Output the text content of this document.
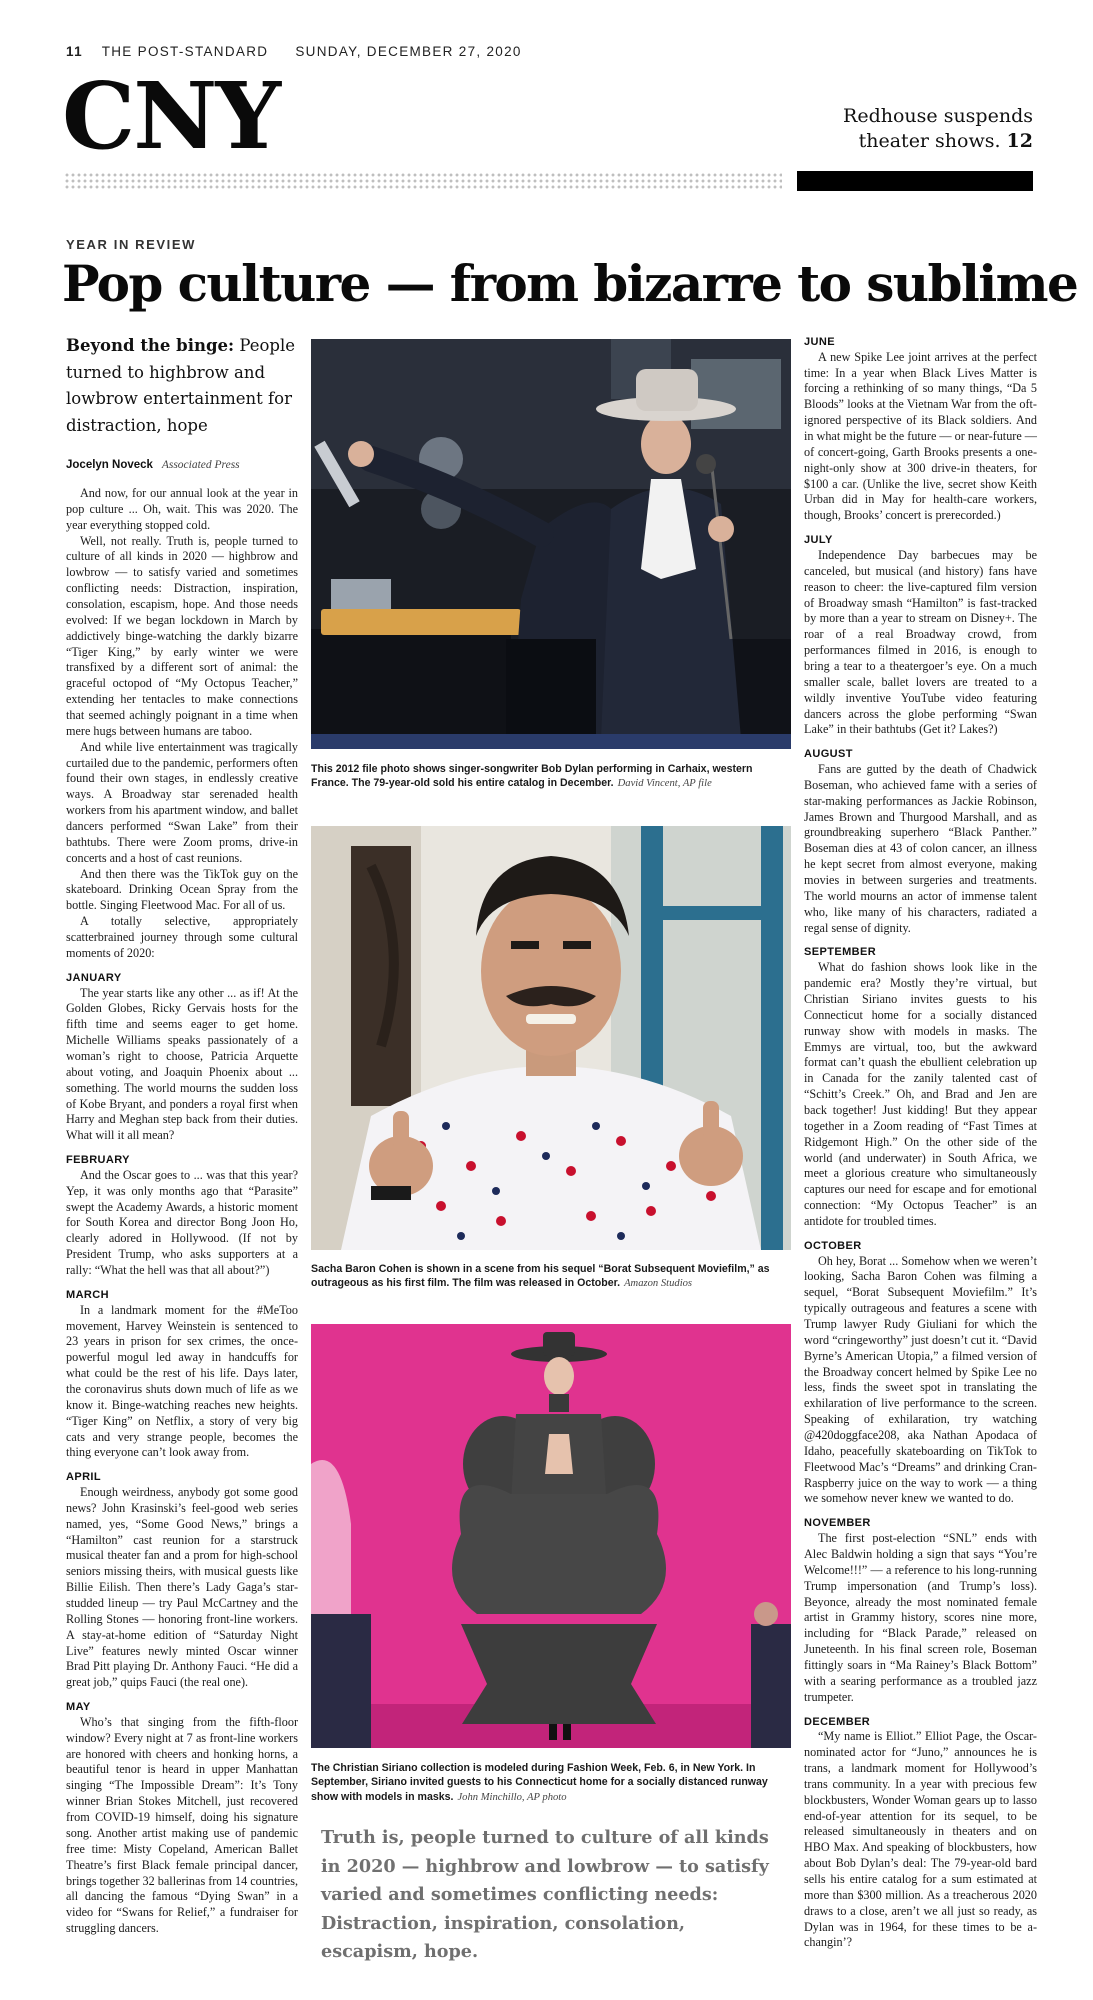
11 THE POST-STANDARD SUNDAY, DECEMBER 27, 2020
CNY	Redhouse suspends theater shows. 12
YEAR IN REVIEW
Pop culture — from bizarre to sublime
Beyond the binge: People turned to highbrow and lowbrow entertainment for distraction, hope
Jocelyn Noveck Associated Press

And now, for our annual look at the year in pop culture ... Oh, wait. This was 2020. The year everything stopped cold.

Well, not really. Truth is, people turned to culture of all kinds in 2020 — highbrow and lowbrow — to satisfy varied and sometimes conflicting needs: Distraction, inspiration, consolation, escapism, hope. And those needs evolved: If we began lockdown in March by addictively binge-watching the darkly bizarre “Tiger King,” by early winter we were transfixed by a different sort of animal: the graceful octopod of “My Octopus Teacher,” extending her tentacles to make connections that seemed achingly poignant in a time when mere hugs between humans are taboo.

And while live entertainment was tragically curtailed due to the pandemic, performers often found their own stages, in endlessly creative ways. A Broadway star serenaded health workers from his apartment window, and ballet dancers performed “Swan Lake” from their bathtubs. There were Zoom proms, drive-in concerts and a host of cast reunions.

And then there was the TikTok guy on the skateboard. Drinking Ocean Spray from the bottle. Singing Fleetwood Mac. For all of us.

A totally selective, appropriately scatterbrained journey through some cultural moments of 2020:

JANUARY

The year starts like any other ... as if! At the Golden Globes, Ricky Gervais hosts for the fifth time and seems eager to get home. Michelle Williams speaks passionately of a woman’s right to choose, Patricia Arquette about voting, and Joaquin Phoenix about ... something. The world mourns the sudden loss of Kobe Bryant, and ponders a royal first when Harry and Meghan step back from their duties. What will it all mean?

FEBRUARY

And the Oscar goes to ... was that this year? Yep, it was only months ago that “Parasite” swept the Academy Awards, a historic moment for South Korea and director Bong Joon Ho, clearly adored in Hollywood. (If not by President Trump, who asks supporters at a rally: “What the hell was that all about?”)

MARCH

In a landmark moment for the #MeToo movement, Harvey Weinstein is sentenced to 23 years in prison for sex crimes, the once-powerful mogul led away in handcuffs for what could be the rest of his life. Days later, the coronavirus shuts down much of life as we know it. Binge-watching reaches new heights. “Tiger King” on Netflix, a story of very big cats and very strange people, becomes the thing everyone can’t look away from.

APRIL

Enough weirdness, anybody got some good news? John Krasinski’s feel-good web series named, yes, “Some Good News,” brings a “Hamilton” cast reunion for a starstruck musical theater fan and a prom for high-school seniors missing theirs, with musical guests like Billie Eilish. Then there’s Lady Gaga’s star-studded lineup — try Paul McCartney and the Rolling Stones — honoring front-line workers. A stay-at-home edition of “Saturday Night Live” features newly minted Oscar winner Brad Pitt playing Dr. Anthony Fauci. “He did a great job,” quips Fauci (the real one).

MAY

Who’s that singing from the fifth-floor window? Every night at 7 as front-line workers are honored with cheers and honking horns, a beautiful tenor is heard in upper Manhattan singing “The Impossible Dream”: It’s Tony winner Brian Stokes Mitchell, just recovered from COVID-19 himself, doing his signature song. Another artist making use of pandemic free time: Misty Copeland, American Ballet Theatre’s first Black female principal dancer, brings together 32 ballerinas from 14 countries, all dancing the famous “Dying Swan” in a video for “Swans for Relief,” a fundraiser for struggling dancers.

This 2012 file photo shows singer-songwriter Bob Dylan performing in Carhaix, western France. The 79-year-old sold his entire catalog in December. David Vincent, AP file
Sacha Baron Cohen is shown in a scene from his sequel “Borat Subsequent Moviefilm,” as outrageous as his first film. The film was released in October. Amazon Studios
The Christian Siriano collection is modeled during Fashion Week, Feb. 6, in New York. In September, Siriano invited guests to his Connecticut home for a socially distanced runway show with models in masks. John Minchillo, AP photo
Truth is, people turned to culture of all kinds in 2020 — highbrow and lowbrow — to satisfy varied and sometimes conflicting needs: Distraction, inspiration, consolation, escapism, hope.
JUNE

A new Spike Lee joint arrives at the perfect time: In a year when Black Lives Matter is forcing a rethinking of so many things, “Da 5 Bloods” looks at the Vietnam War from the oft-ignored perspective of its Black soldiers. And in what might be the future — or near-future — of concert-going, Garth Brooks presents a one-night-only show at 300 drive-in theaters, for $100 a car. (Unlike the live, secret show Keith Urban did in May for health-care workers, though, Brooks’ concert is prerecorded.)

JULY

Independence Day barbecues may be canceled, but musical (and history) fans have reason to cheer: the live-captured film version of Broadway smash “Hamilton” is fast-tracked by more than a year to stream on Disney+. The roar of a real Broadway crowd, from performances filmed in 2016, is enough to bring a tear to a theatergoer’s eye. On a much smaller scale, ballet lovers are treated to a wildly inventive YouTube video featuring dancers across the globe performing “Swan Lake” in their bathtubs (Get it? Lakes?)

AUGUST

Fans are gutted by the death of Chadwick Boseman, who achieved fame with a series of star-making performances as Jackie Robinson, James Brown and Thurgood Marshall, and as groundbreaking superhero “Black Panther.” Boseman dies at 43 of colon cancer, an illness he kept secret from almost everyone, making movies in between surgeries and treatments. The world mourns an actor of immense talent who, like many of his characters, radiated a regal sense of dignity.

SEPTEMBER

What do fashion shows look like in the pandemic era? Mostly they’re virtual, but Christian Siriano invites guests to his Connecticut home for a socially distanced runway show with models in masks. The Emmys are virtual, too, but the awkward format can’t quash the ebullient celebration up in Canada for the zanily talented cast of “Schitt’s Creek.” Oh, and Brad and Jen are back together! Just kidding! But they appear together in a Zoom reading of “Fast Times at Ridgemont High.” On the other side of the world (and underwater) in South Africa, we meet a glorious creature who simultaneously captures our need for escape and for emotional connection: “My Octopus Teacher” is an antidote for troubled times.

OCTOBER

Oh hey, Borat ... Somehow when we weren’t looking, Sacha Baron Cohen was filming a sequel, “Borat Subsequent Moviefilm.” It’s typically outrageous and features a scene with Trump lawyer Rudy Giuliani for which the word “cringeworthy” just doesn’t cut it. “David Byrne’s American Utopia,” a filmed version of the Broadway concert helmed by Spike Lee no less, finds the sweet spot in translating the exhilaration of live performance to the screen. Speaking of exhilaration, try watching @420doggface208, aka Nathan Apodaca of Idaho, peacefully skateboarding on TikTok to Fleetwood Mac’s “Dreams” and drinking Cran-Raspberry juice on the way to work — a thing we somehow never knew we wanted to do.

NOVEMBER

The first post-election “SNL” ends with Alec Baldwin holding a sign that says “You’re Welcome!!!” — a reference to his long-running Trump impersonation (and Trump’s loss). Beyonce, already the most nominated female artist in Grammy history, scores nine more, including for “Black Parade,” released on Juneteenth. In his final screen role, Boseman fittingly soars in “Ma Rainey’s Black Bottom” with a searing performance as a troubled jazz trumpeter.

DECEMBER

“My name is Elliot.” Elliot Page, the Oscar-nominated actor for “Juno,” announces he is trans, a landmark moment for Hollywood’s trans community. In a year with precious few blockbusters, Wonder Woman gears up to lasso end-of-year attention for its sequel, to be released simultaneously in theaters and on HBO Max. And speaking of blockbusters, how about Bob Dylan’s deal: The 79-year-old bard sells his entire catalog for a sum estimated at more than $300 million. As a treacherous 2020 draws to a close, aren’t we all just so ready, as Dylan was in 1964, for these times to be a-changin’?
